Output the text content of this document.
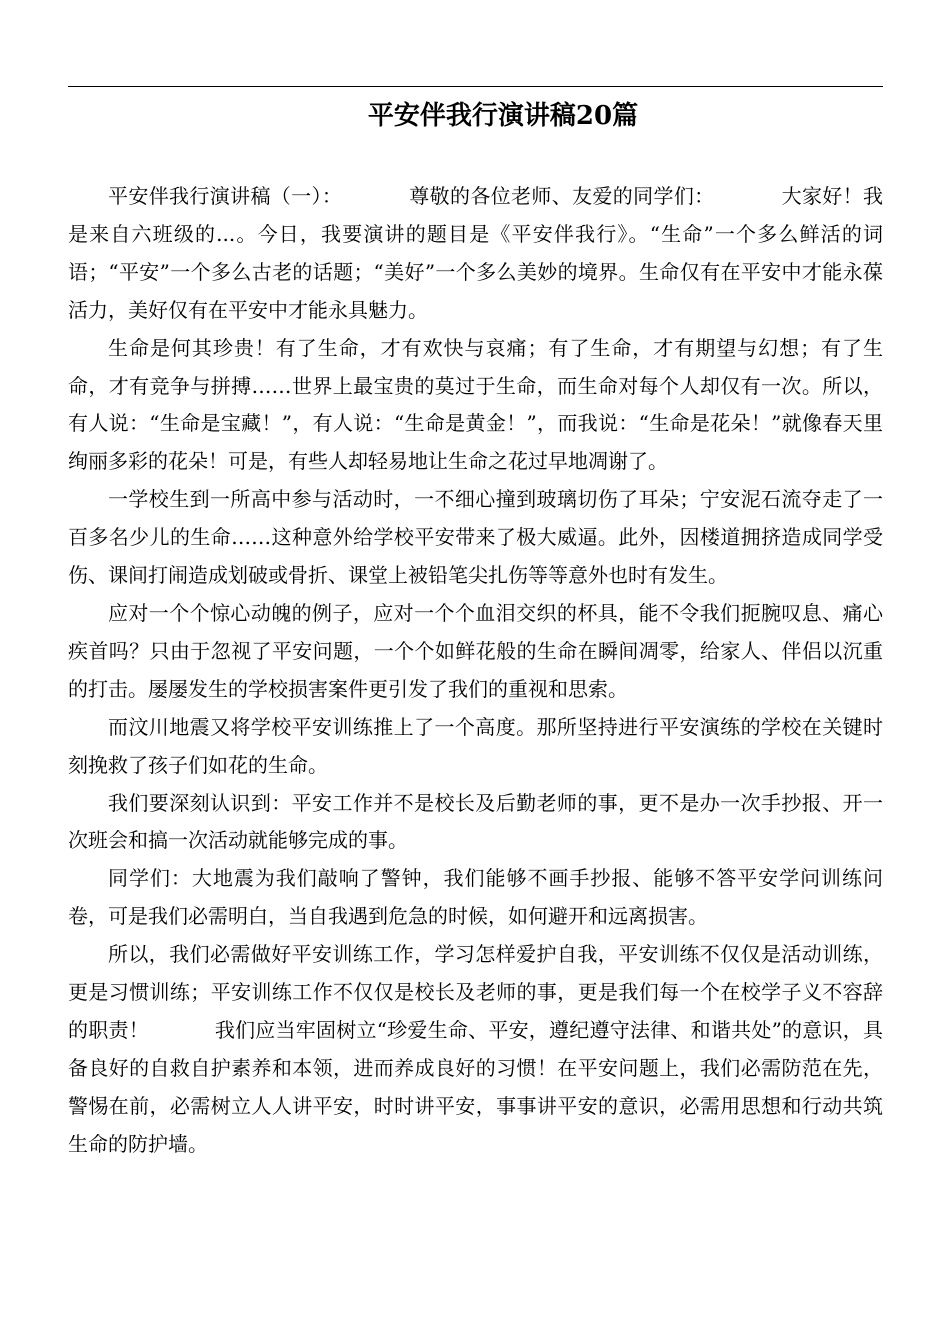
平安伴我行演讲稿20篇

平安伴我行演讲稿（一）：          尊敬的各位老师、友爱的同学们：          大家好！我是来自六班级的...。今日，我要演讲的题目是《平安伴我行》。“生命”一个多么鲜活的词语；“平安”一个多么古老的话题；“美好”一个多么美妙的境界。生命仅有在平安中才能永葆活力，美好仅有在平安中才能永具魅力。

生命是何其珍贵！有了生命，才有欢快与哀痛；有了生命，才有期望与幻想；有了生命，才有竞争与拼搏……世界上最宝贵的莫过于生命，而生命对每个人却仅有一次。所以，有人说：“生命是宝藏！”，有人说：“生命是黄金！”，而我说：“生命是花朵！”就像春天里绚丽多彩的花朵！可是，有些人却轻易地让生命之花过早地凋谢了。

一学校生到一所高中参与活动时，一不细心撞到玻璃切伤了耳朵；宁安泥石流夺走了一百多名少儿的生命……这种意外给学校平安带来了极大威逼。此外，因楼道拥挤造成同学受伤、课间打闹造成划破或骨折、课堂上被铅笔尖扎伤等等意外也时有发生。

应对一个个惊心动魄的例子，应对一个个血泪交织的杯具，能不令我们扼腕叹息、痛心疾首吗？只由于忽视了平安问题，一个个如鲜花般的生命在瞬间凋零，给家人、伴侣以沉重的打击。屡屡发生的学校损害案件更引发了我们的重视和思索。

而汶川地震又将学校平安训练推上了一个高度。那所坚持进行平安演练的学校在关键时刻挽救了孩子们如花的生命。

我们要深刻认识到：平安工作并不是校长及后勤老师的事，更不是办一次手抄报、开一次班会和搞一次活动就能够完成的事。

同学们：大地震为我们敲响了警钟，我们能够不画手抄报、能够不答平安学问训练问卷，可是我们必需明白，当自我遇到危急的时候，如何避开和远离损害。

所以，我们必需做好平安训练工作，学习怎样爱护自我，平安训练不仅仅是活动训练，更是习惯训练；平安训练工作不仅仅是校长及老师的事，更是我们每一个在校学子义不容辞的职责！          我们应当牢固树立“珍爱生命、平安，遵纪遵守法律、和谐共处”的意识，具备良好的自救自护素养和本领，进而养成良好的习惯！在平安问题上，我们必需防范在先，警惕在前，必需树立人人讲平安，时时讲平安，事事讲平安的意识，必需用思想和行动共筑生命的防护墙。
